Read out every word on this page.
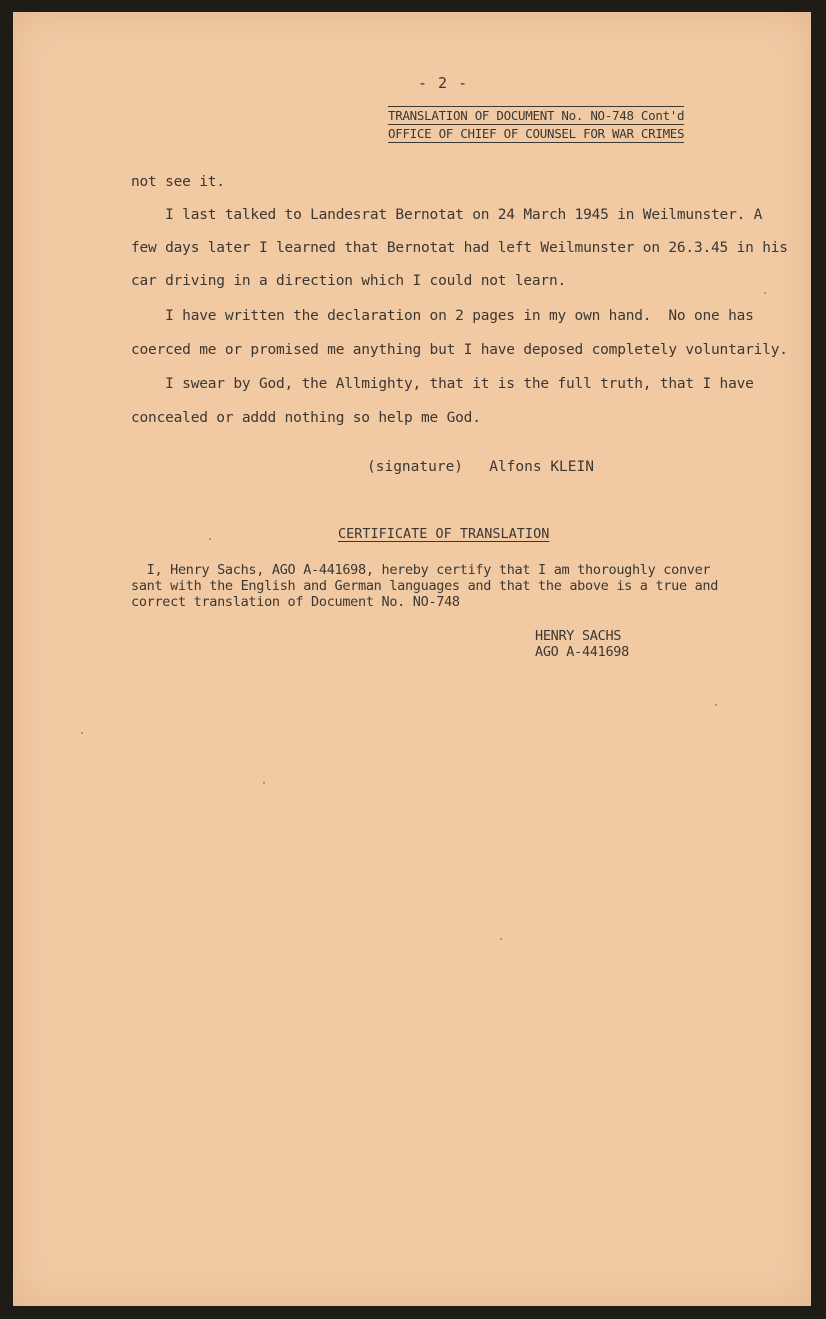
- 2 -
TRANSLATION OF DOCUMENT No. NO-748 Cont'd
OFFICE OF CHIEF OF COUNSEL FOR WAR CRIMES
not see it.
I last talked to Landesrat Bernotat on 24 March 1945 in Weilmunster. A
few days later I learned that Bernotat had left Weilmunster on 26.3.45 in his
car driving in a direction which I could not learn.
I have written the declaration on 2 pages in my own hand.  No one has
coerced me or promised me anything but I have deposed completely voluntarily.
I swear by God, the Allmighty, that it is the full truth, that I have
concealed or addd nothing so help me God.
(signature)   Alfons KLEIN
CERTIFICATE OF TRANSLATION
I, Henry Sachs, AGO A-441698, hereby certify that I am thoroughly conver
sant with the English and German languages and that the above is a true and
correct translation of Document No. NO-748
HENRY SACHS
AGO A-441698
